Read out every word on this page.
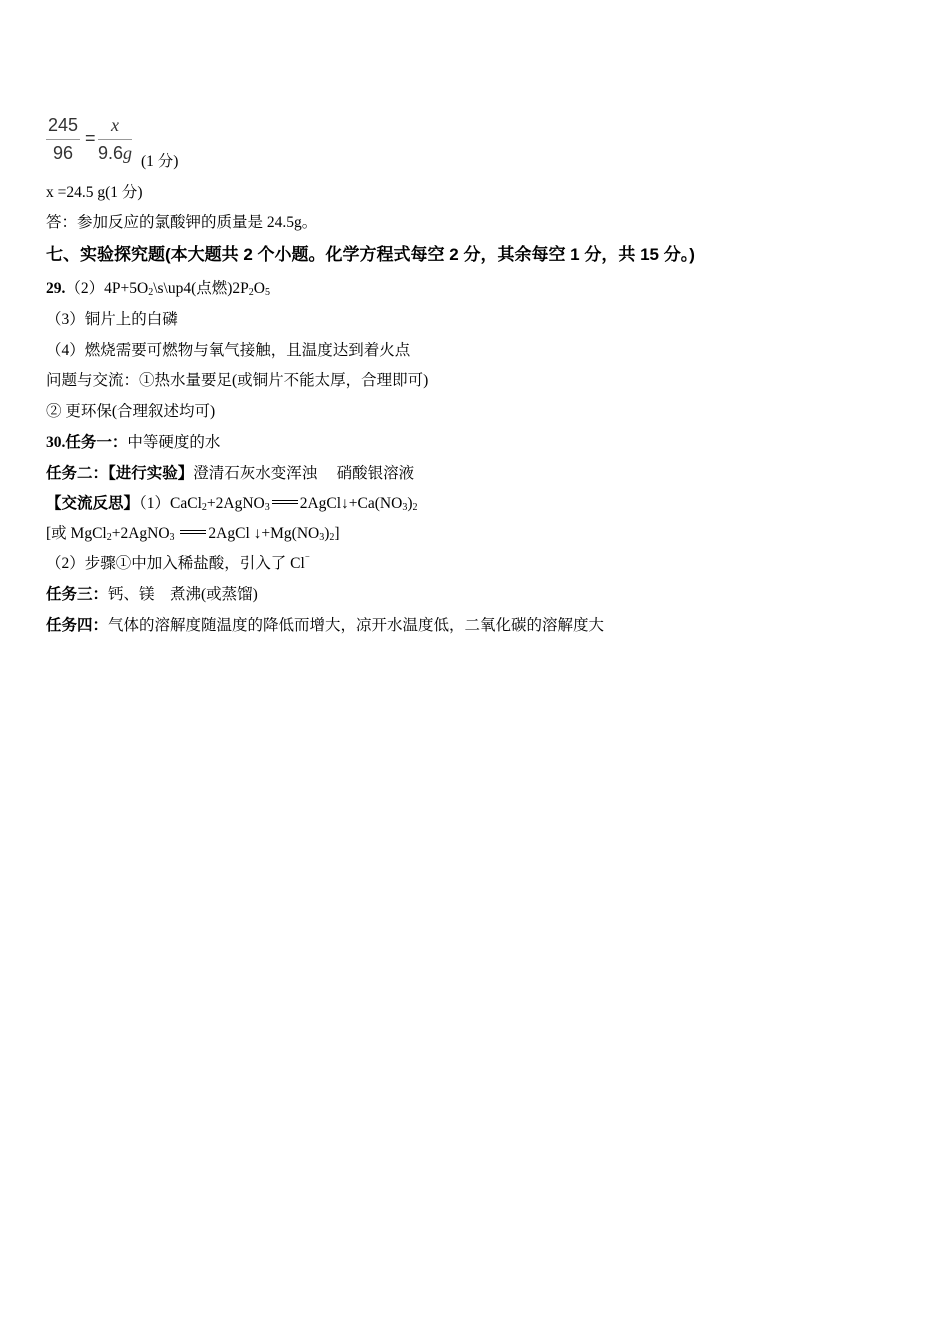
$\frac{245}{96} = \frac{x}{9.6g} (1$ 分)
x =24.5 g(1 分)
答：参加反应的氯酸钾的质量是 24.5g。
七、实验探究题(本大题共 2 个小题。化学方程式每空 2 分，其余每空 1 分，共 15 分。)
$29.(2)4P+5O_2\backslash s\backslash up4$(点燃)$2P_2O_5$
（3）铜片上的白磷
（4）燃烧需要可燃物与氧气接触，且温度达到着火点
问题与交流：①热水量要足(或铜片不能太厚，合理即可)
② 更环保(合理叙述均可)
30.任务一：中等硬度的水
任务二：【进行实验】澄清石灰水变浑浊　 硝酸银溶液
【交流反思】（1）CaCl$_2$+2AgNO$_3$ $2AgCl↓+Ca(NO_3)_2$
[或 MgCl$_2$+2AgNO$_3$ 2AgCl $↓+Mg(NO_3)_2$]
（2）步骤①中加入稀盐酸，引入了 Cl⁻
任务三：钙、镁　煮沸(或蒸馏)
任务四：气体的溶解度随温度的降低而增大，凉开水温度低，二氧化碳的溶解度大
